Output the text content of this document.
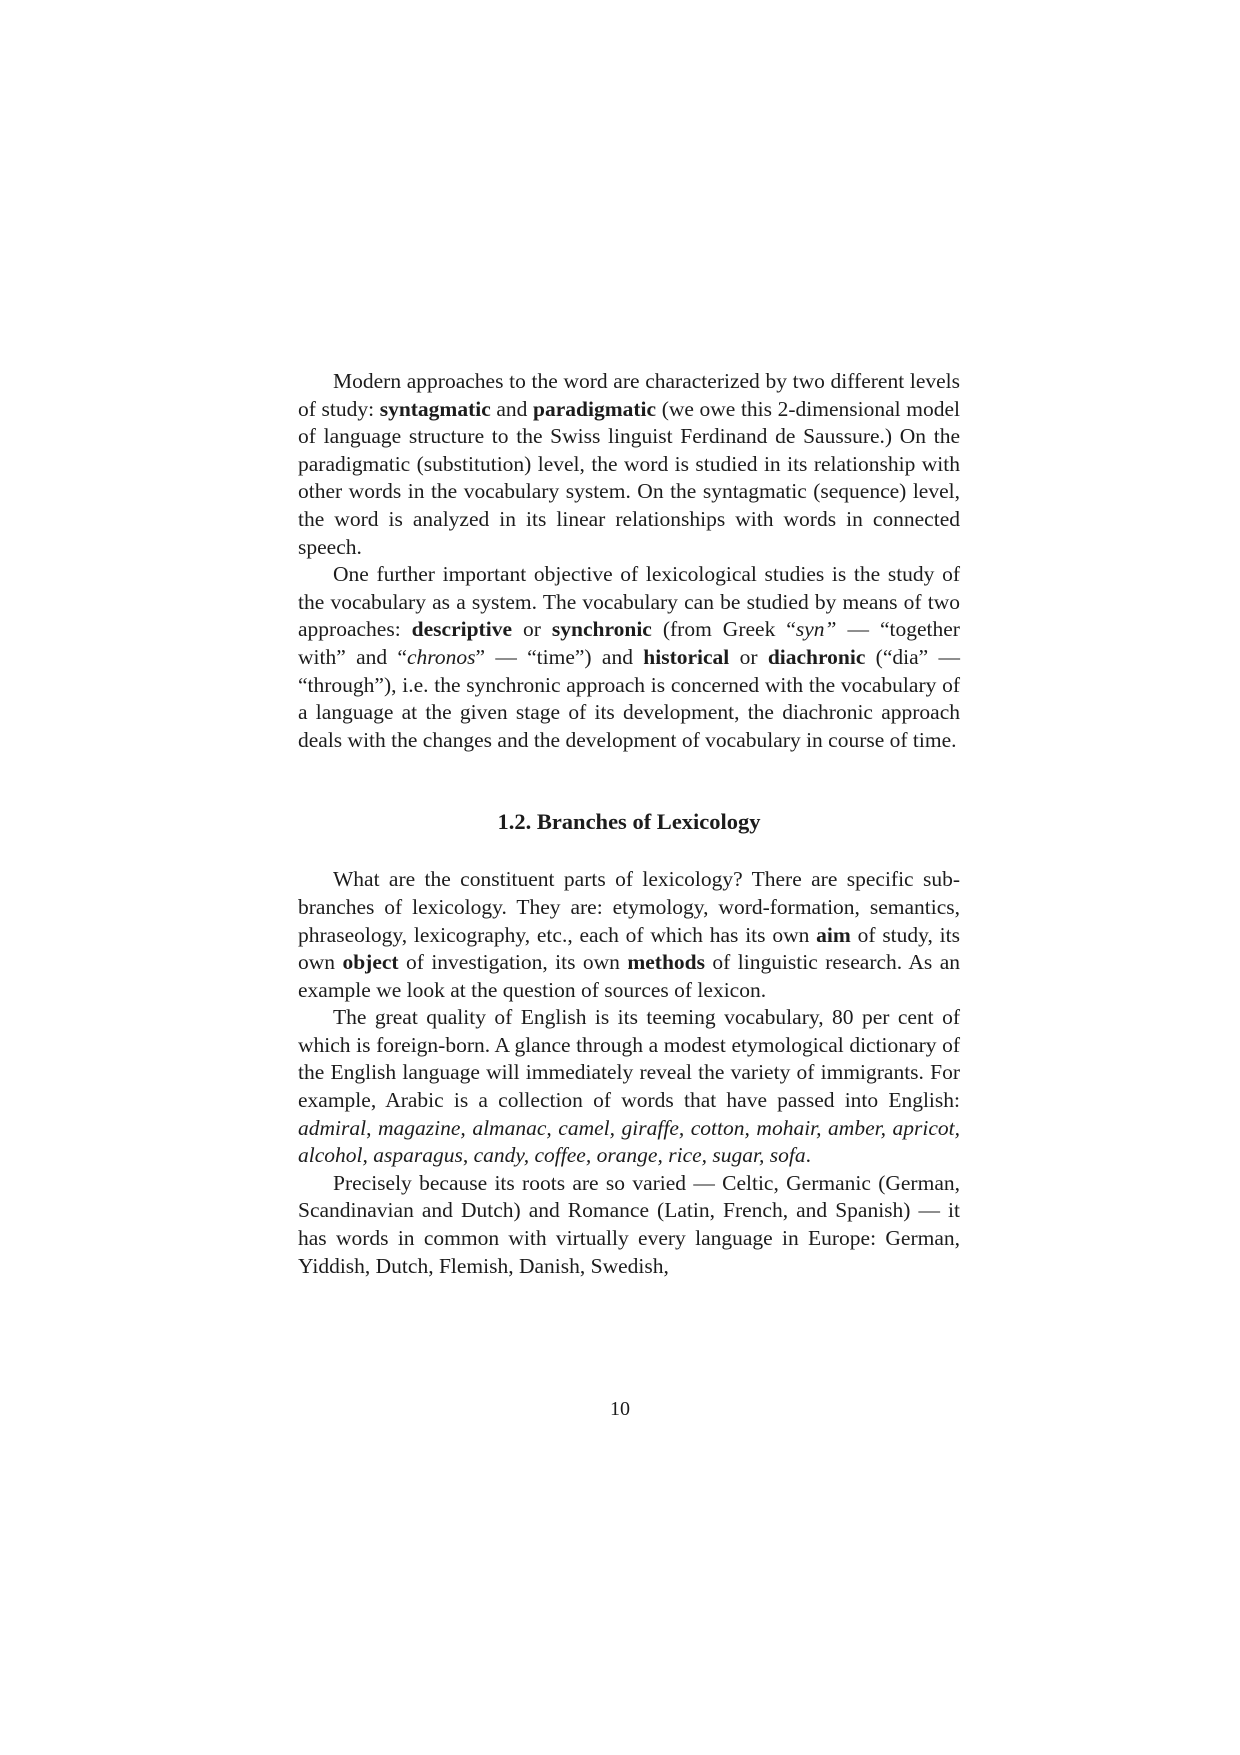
Modern approaches to the word are characterized by two different levels of study: syntagmatic and paradigmatic (we owe this 2-dimensional model of language structure to the Swiss linguist Ferdinand de Saussure.) On the paradigmatic (substitution) level, the word is studied in its relationship with other words in the vocabulary system. On the syntagmatic (sequence) level, the word is analyzed in its linear relationships with words in connected speech.

One further important objective of lexicological studies is the study of the vocabulary as a system. The vocabulary can be studied by means of two approaches: descriptive or synchronic (from Greek “syn” — “together with” and “chronos” — “time”) and historical or diachronic (“dia” — “through”), i.e. the synchronic approach is concerned with the vocabulary of a language at the given stage of its development, the diachronic approach deals with the changes and the development of vocabulary in course of time.

1.2. Branches of Lexicology

What are the constituent parts of lexicology? There are specific sub-branches of lexicology. They are: etymology, word-formation, semantics, phraseology, lexicography, etc., each of which has its own aim of study, its own object of investigation, its own methods of linguistic research. As an example we look at the question of sources of lexicon.

The great quality of English is its teeming vocabulary, 80 per cent of which is foreign-born. A glance through a modest etymological dictionary of the English language will immediately reveal the variety of immigrants. For example, Arabic is a collection of words that have passed into English: admiral, magazine, almanac, camel, giraffe, cotton, mohair, amber, apricot, alcohol, asparagus, candy, coffee, orange, rice, sugar, sofa.

Precisely because its roots are so varied — Celtic, Germanic (German, Scandinavian and Dutch) and Romance (Latin, French, and Spanish) — it has words in common with virtually every language in Europe: German, Yiddish, Dutch, Flemish, Danish, Swedish,

10
